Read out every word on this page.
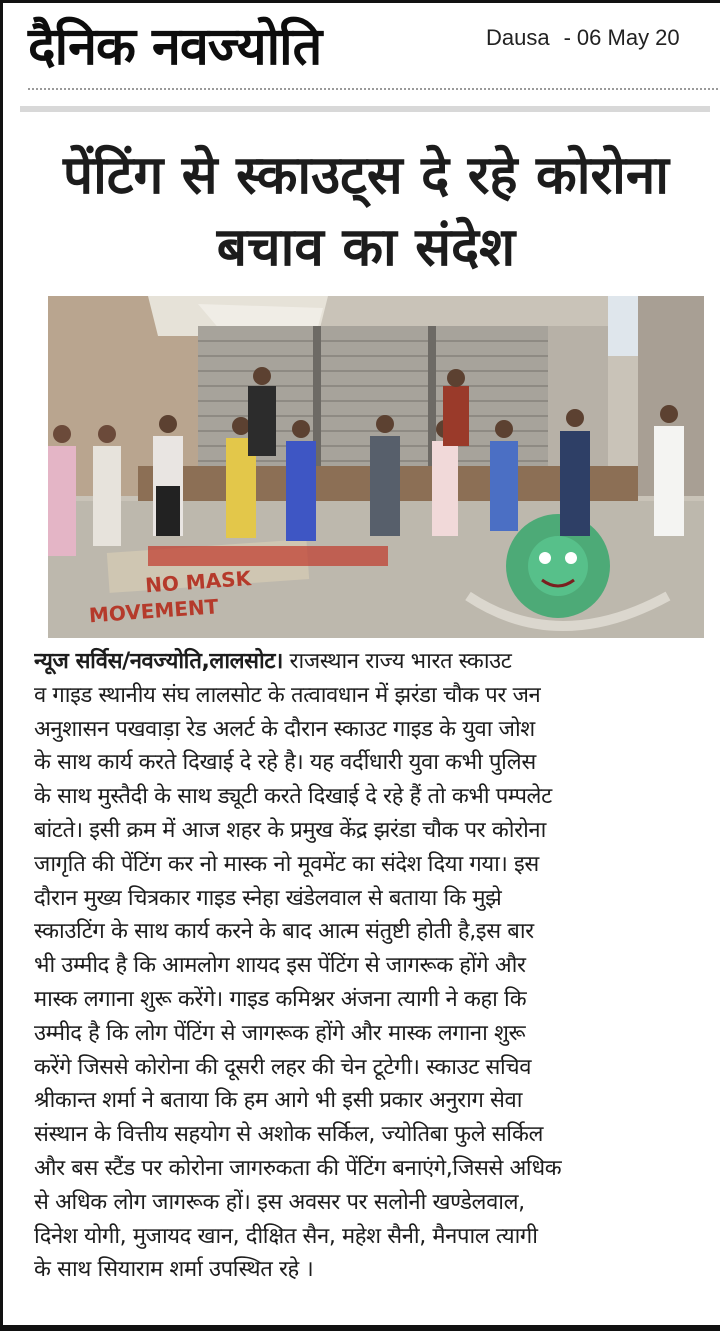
दैनिक नवज्योति	Dausa - 06 May 20
पेंटिंग से स्काउट्स दे रहे कोरोना
बचाव का संदेश
NO MASK
MOVEMENT
न्यूज सर्विस/नवज्योति,लालसोट। राजस्थान राज्य भारत स्काउट
व गाइड स्थानीय संघ लालसोट के तत्वावधान में झरंडा चौक पर जन
अनुशासन पखवाड़ा रेड अलर्ट के दौरान स्काउट गाइड के युवा जोश
के साथ कार्य करते दिखाई दे रहे है। यह वर्दीधारी युवा कभी पुलिस
के साथ मुस्तैदी के साथ ड्यूटी करते दिखाई दे रहे हैं तो कभी पम्पलेट
बांटते। इसी क्रम में आज शहर के प्रमुख केंद्र झरंडा चौक पर कोरोना
जागृति की पेंटिंग कर नो मास्क नो मूवमेंट का संदेश दिया गया। इस
दौरान मुख्य चित्रकार गाइड स्नेहा खंडेलवाल से बताया कि मुझे
स्काउटिंग के साथ कार्य करने के बाद आत्म संतुष्टी होती है,इस बार
भी उम्मीद है कि आमलोग शायद इस पेंटिंग से जागरूक होंगे और
मास्क लगाना शुरू करेंगे। गाइड कमिश्नर अंजना त्यागी ने कहा कि
उम्मीद है कि लोग पेंटिंग से जागरूक होंगे और मास्क लगाना शुरू
करेंगे जिससे कोरोना की दूसरी लहर की चेन टूटेगी। स्काउट सचिव
श्रीकान्त शर्मा ने बताया कि हम आगे भी इसी प्रकार अनुराग सेवा
संस्थान के वित्तीय सहयोग से अशोक सर्किल, ज्योतिबा फुले सर्किल
और बस स्टैंड पर कोरोना जागरुकता की पेंटिंग बनाएंगे,जिससे अधिक
से अधिक लोग जागरूक हों। इस अवसर पर सलोनी खण्डेलवाल,
दिनेश योगी, मुजायद खान, दीक्षित सैन, महेश सैनी, मैनपाल त्यागी
के साथ सियाराम शर्मा उपस्थित रहे ।
